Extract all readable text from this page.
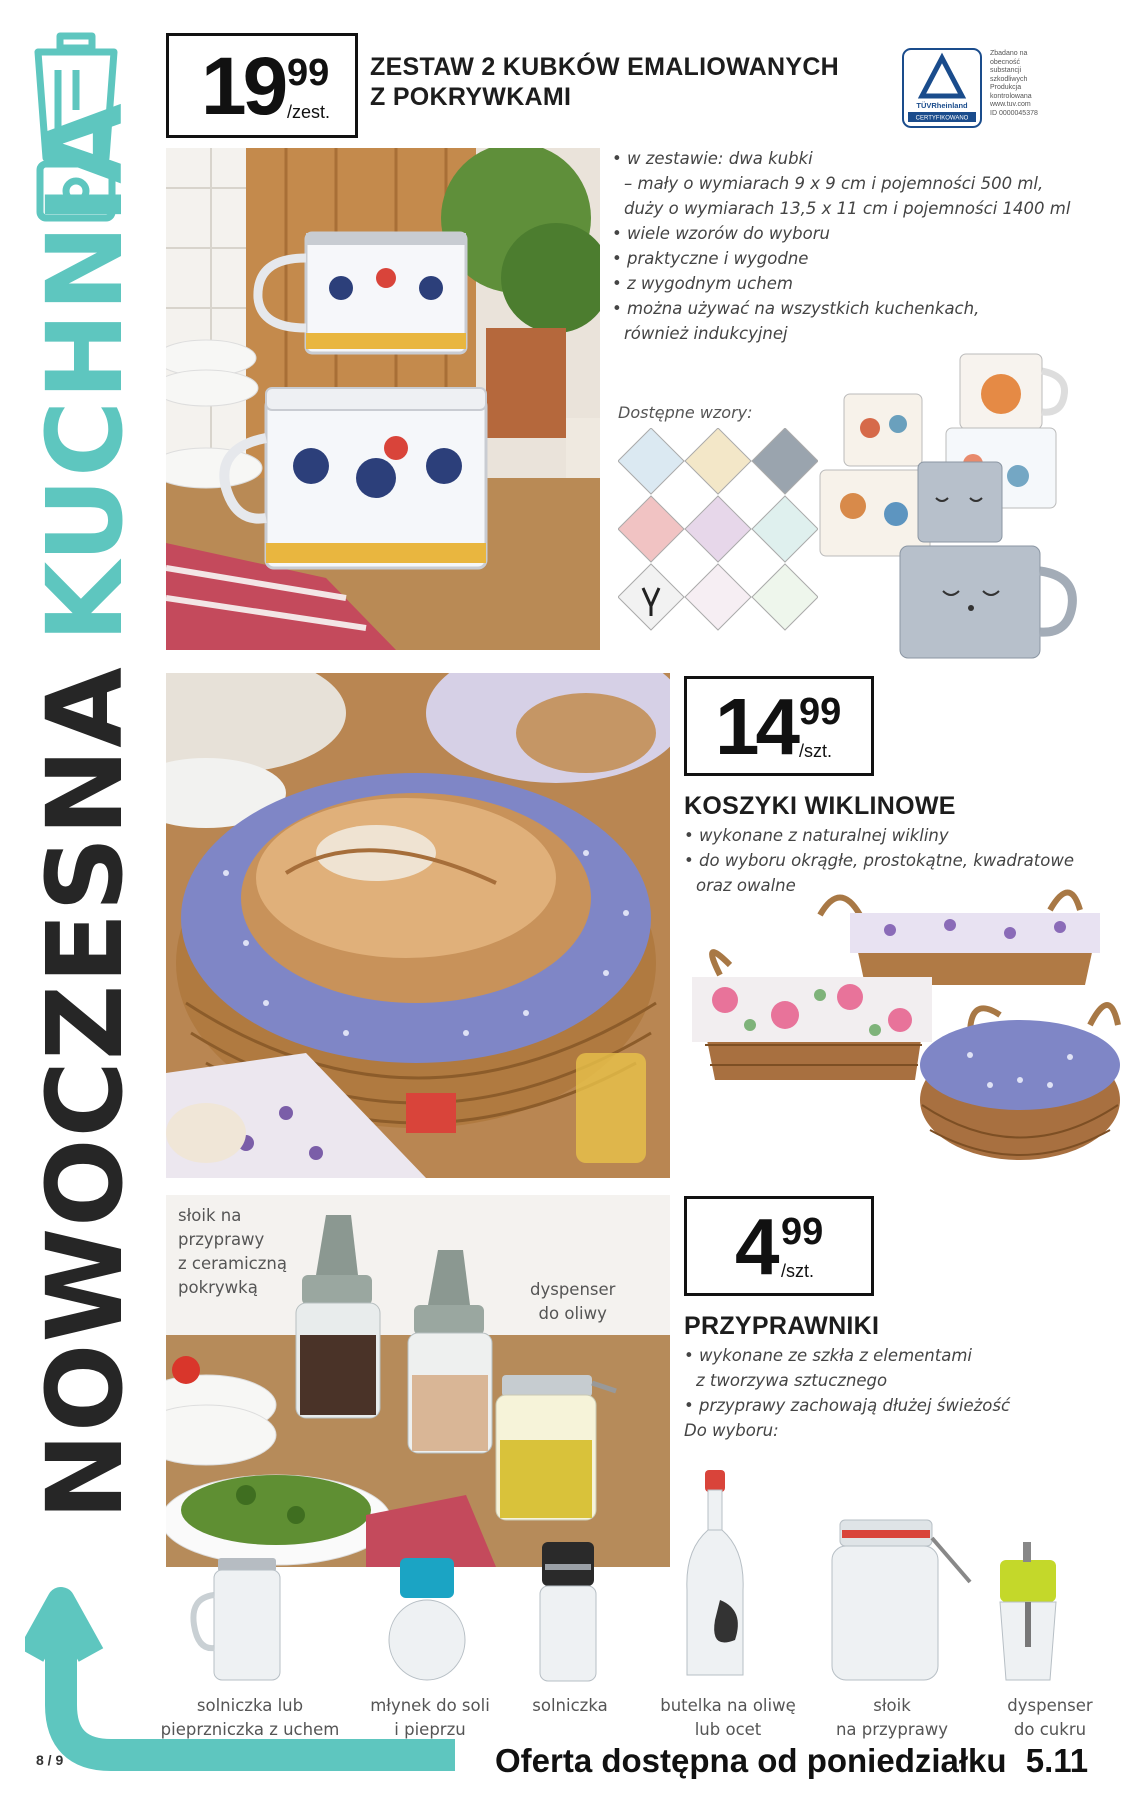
NOWOCZESNAKUCHNIA
19 99
/zest.
ZESTAW 2 KUBKÓW EMALIOWANYCH
Z POKRYWKAMI	TÜVRheinland
CERTYFIKOWANO
Zbadano na
obecność
substancji
szkodliwych
Produkcja
kontrolowana
www.tuv.com
ID 0000045378
• w zestawie: dwa kubki
– mały o wymiarach 9 x 9 cm i pojemności 500 ml,
duży o wymiarach 13,5 x 11 cm i pojemności 1400 ml
• wiele wzorów do wyboru
• praktyczne i wygodne
• z wygodnym uchem
• można używać na wszystkich kuchenkach,
również indukcyjnej
Dostępne wzory:
14 99
/szt.
KOSZYKI WIKLINOWE
• wykonane z naturalnej wikliny
• do wyboru okrągłe, prostokątne, kwadratowe
oraz owalne
słoik na
przyprawy
z ceramiczną
pokrywką	dyspenser
do oliwy
4 99
/szt.
PRZYPRAWNIKI
• wykonane ze szkła z elementami
z tworzywa sztucznego
• przyprawy zachowają dłużej świeżość
Do wyboru:
solniczka lub
pieprzniczka z uchem
młynek do soli
i pieprzu
solniczka	butelka na oliwę
lub ocet
słoik
na przyprawy
dyspenser
do cukru
8 / 9	Oferta dostępna od poniedziałku 5.11
